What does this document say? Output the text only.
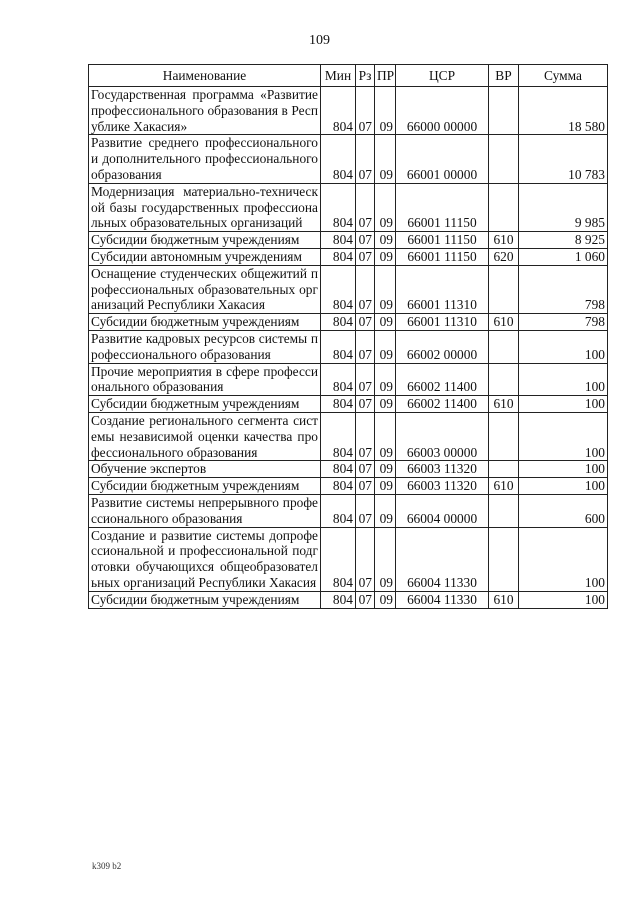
109
Наименование	Мин	Рз	ПР	ЦСР	ВР	Сумма
Государственная программа «Развитие профессионального образования в Республике Хакасия»	804	07	09	66000 00000		18 580
Развитие среднего профессионального и дополнительного профессионального образования	804	07	09	66001 00000		10 783
Модернизация материально-технической базы государственных профессиональных образовательных организаций	804	07	09	66001 11150		9 985
Субсидии бюджетным учреждениям	804	07	09	66001 11150	610	8 925
Субсидии автономным учреждениям	804	07	09	66001 11150	620	1 060
Оснащение студенческих общежитий профессиональных образовательных организаций Республики Хакасия	804	07	09	66001 11310		798
Субсидии бюджетным учреждениям	804	07	09	66001 11310	610	798
Развитие кадровых ресурсов системы профессионального образования	804	07	09	66002 00000		100
Прочие мероприятия в сфере профессионального образования	804	07	09	66002 11400		100
Субсидии бюджетным учреждениям	804	07	09	66002 11400	610	100
Создание регионального сегмента системы независимой оценки качества профессионального образования	804	07	09	66003 00000		100
Обучение экспертов	804	07	09	66003 11320		100
Субсидии бюджетным учреждениям	804	07	09	66003 11320	610	100
Развитие системы непрерывного профессионального образования	804	07	09	66004 00000		600
Создание и развитие системы допрофессиональной и профессиональной подготовки обучающихся общеобразовательных организаций Республики Хакасия	804	07	09	66004 11330		100
Субсидии бюджетным учреждениям	804	07	09	66004 11330	610	100
k309 b2
